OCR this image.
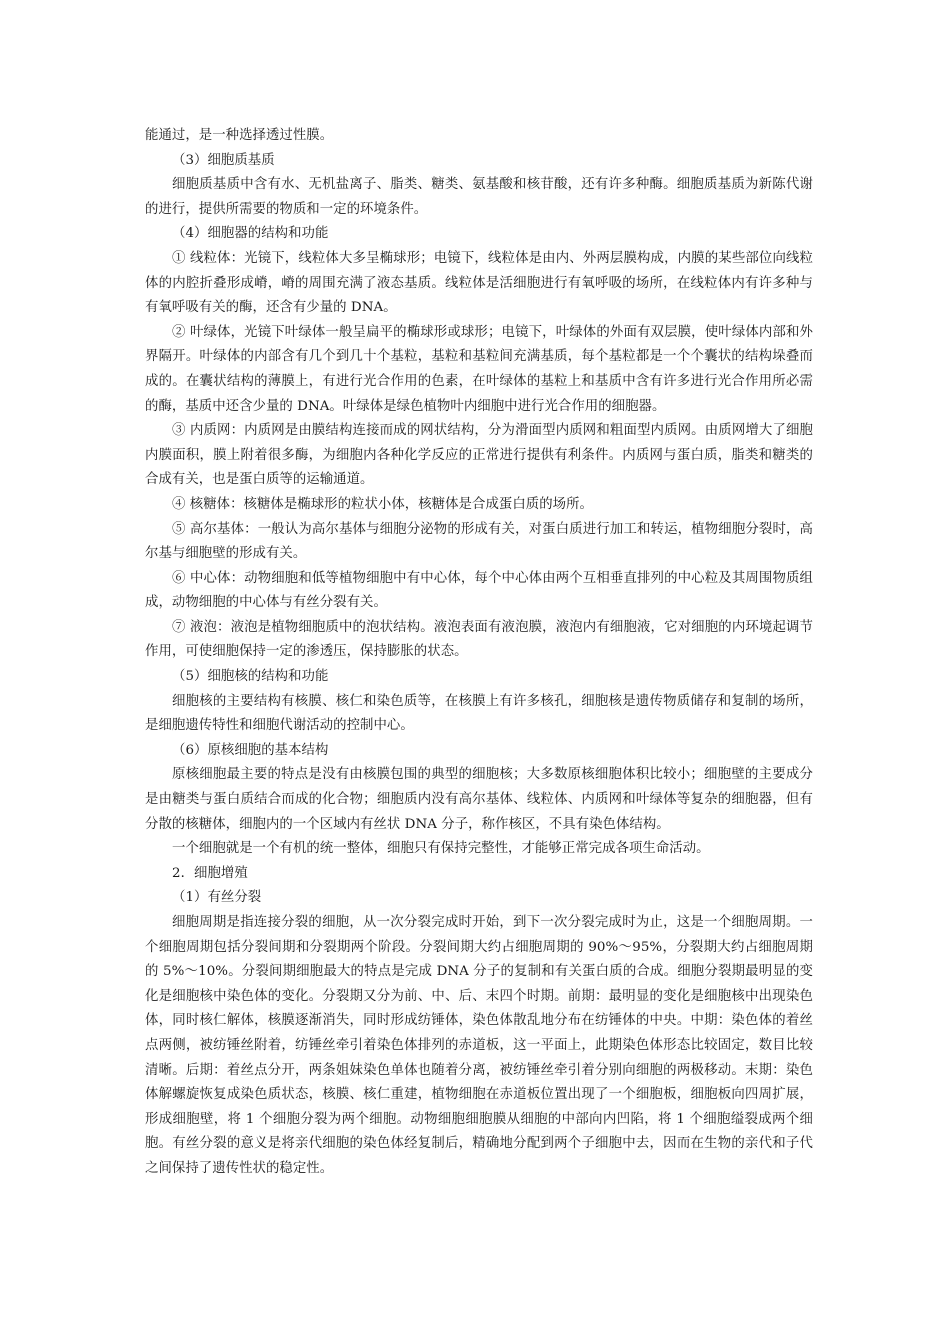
能通过，是一种选择透过性膜。

（3）细胞质基质

细胞质基质中含有水、无机盐离子、脂类、糖类、氨基酸和核苷酸，还有许多种酶。细胞质基质为新陈代谢的进行，提供所需要的物质和一定的环境条件。

（4）细胞器的结构和功能

① 线粒体：光镜下，线粒体大多呈椭球形；电镜下，线粒体是由内、外两层膜构成，内膜的某些部位向线粒体的内腔折叠形成嵴，嵴的周围充满了液态基质。线粒体是活细胞进行有氧呼吸的场所，在线粒体内有许多种与有氧呼吸有关的酶，还含有少量的 DNA。

② 叶绿体，光镜下叶绿体一般呈扁平的椭球形或球形；电镜下，叶绿体的外面有双层膜，使叶绿体内部和外界隔开。叶绿体的内部含有几个到几十个基粒，基粒和基粒间充满基质，每个基粒都是一个个囊状的结构垛叠而成的。在囊状结构的薄膜上，有进行光合作用的色素，在叶绿体的基粒上和基质中含有许多进行光合作用所必需的酶，基质中还含少量的 DNA。叶绿体是绿色植物叶内细胞中进行光合作用的细胞器。

③ 内质网：内质网是由膜结构连接而成的网状结构，分为滑面型内质网和粗面型内质网。由质网增大了细胞内膜面积，膜上附着很多酶，为细胞内各种化学反应的正常进行提供有利条件。内质网与蛋白质，脂类和糖类的合成有关，也是蛋白质等的运输通道。

④ 核糖体：核糖体是椭球形的粒状小体，核糖体是合成蛋白质的场所。

⑤ 高尔基体：一般认为高尔基体与细胞分泌物的形成有关，对蛋白质进行加工和转运，植物细胞分裂时，高尔基与细胞壁的形成有关。

⑥ 中心体：动物细胞和低等植物细胞中有中心体，每个中心体由两个互相垂直排列的中心粒及其周围物质组成，动物细胞的中心体与有丝分裂有关。

⑦ 液泡：液泡是植物细胞质中的泡状结构。液泡表面有液泡膜，液泡内有细胞液，它对细胞的内环境起调节作用，可使细胞保持一定的渗透压，保持膨胀的状态。

（5）细胞核的结构和功能

细胞核的主要结构有核膜、核仁和染色质等，在核膜上有许多核孔，细胞核是遗传物质储存和复制的场所，是细胞遗传特性和细胞代谢活动的控制中心。

（6）原核细胞的基本结构

原核细胞最主要的特点是没有由核膜包围的典型的细胞核；大多数原核细胞体积比较小；细胞壁的主要成分是由糖类与蛋白质结合而成的化合物；细胞质内没有高尔基体、线粒体、内质网和叶绿体等复杂的细胞器，但有分散的核糖体，细胞内的一个区域内有丝状 DNA 分子，称作核区，不具有染色体结构。

一个细胞就是一个有机的统一整体，细胞只有保持完整性，才能够正常完成各项生命活动。

2．细胞增殖

（1）有丝分裂

细胞周期是指连接分裂的细胞，从一次分裂完成时开始，到下一次分裂完成时为止，这是一个细胞周期。一个细胞周期包括分裂间期和分裂期两个阶段。分裂间期大约占细胞周期的 90%～95%，分裂期大约占细胞周期的 5%～10%。分裂间期细胞最大的特点是完成 DNA 分子的复制和有关蛋白质的合成。细胞分裂期最明显的变化是细胞核中染色体的变化。分裂期又分为前、中、后、末四个时期。前期：最明显的变化是细胞核中出现染色体，同时核仁解体，核膜逐渐消失，同时形成纺锤体，染色体散乱地分布在纺锤体的中央。中期：染色体的着丝点两侧，被纺锤丝附着，纺锤丝牵引着染色体排列的赤道板，这一平面上，此期染色体形态比较固定，数目比较清晰。后期：着丝点分开，两条姐妹染色单体也随着分离，被纺锤丝牵引着分别向细胞的两极移动。末期：染色体解螺旋恢复成染色质状态，核膜、核仁重建，植物细胞在赤道板位置出现了一个细胞板，细胞板向四周扩展，形成细胞壁，将 1 个细胞分裂为两个细胞。动物细胞细胞膜从细胞的中部向内凹陷，将 1 个细胞缢裂成两个细胞。有丝分裂的意义是将亲代细胞的染色体经复制后，精确地分配到两个子细胞中去，因而在生物的亲代和子代之间保持了遗传性状的稳定性。
